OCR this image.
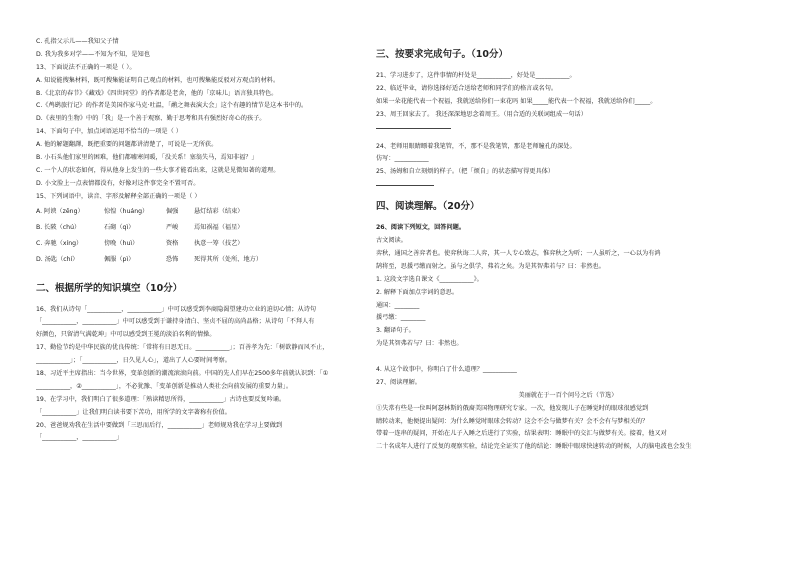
C. 孔指父示儿——我知父子情
D. 我为我多对学——不知为不知，是知也
13、下面说法不正确的一项是（ ）。
A. 知说能搜集材料，既可搜集能证明自己观点的材料，也可搜集能反驳对方观点的材料。
B.《北京的春节》《藏戏》《四世同堂》的作者都是老舍，他的「京味儿」语言独具特色。
C.《鸬鹚旅行记》的作者是美国作家马克·吐温，「鹬之舞表演大会」这个有趣的情节是这本书中的。
D.《表里的生物》中的「我」是一个善于观察、勤于思考和具有强烈好奇心的孩子。
14、下面句子中，加点词语运用不恰当的一项是（ ）
A. 他的解题翻譯，既把重要的问题都讲清楚了，可说是一无所获。
B. 小石头他们家里的困难，他们都嘘寒问暖，「没关系！塞翁失马，焉知非福？」
C. 一个人的状态如何，得从他身上发生的一些大事才能看出来，这就是见微知著的道理。
D. 小文脸上一点表情都没有，好像对这件事完全不置可否。
15、下列词语中，读音、字形及解释全部正确的一项是（ ）
A. 阿谀（zēng）	惊惶（huáng）	倔强	悬灯结彩（结束）
B. 长陂（chú）	石砌（qì）	严峻	焉知祸福（福星）
C. 奔驰（xíng）	傍晚（huì）	资格	执意一筹（技艺）
D. 汤匙（chí）	佩服（pì）	恐怖	死得其所（处所、地方）
二、根据所学的知识填空（10分）
16、我们从诗句「___________，___________」中可以感受到李商隐渴望建功立业的迫切心情；从诗句
「___________，___________」中可以感受到于谦持身清白、坚贞不屈的高尚品格；从诗句「不拜人有
好颜色，只留清气满乾坤」中可以感受到王冕的淡泊名利的情操。
17、勤俭节约是中华民族的优良传统：「常将有日思无日。___________」；百善孝为先：「树欲静而风不止，
___________」；「___________，日久见人心」，道出了人心要时间考察。
18、习近平主席指出：当今世界，变革创新的潮流滚滚向前。中国的先人们早在2500多年前就认识到：「①
___________，②___________」，不必犹豫、「变革创新是推动人类社会向前发展的重要力量」。
19、在学习中，我们明白了很多道理：「熟读精思所得，___________」古诗也要反复吟诵。
「___________」让我们明白读书要下苦功，用所学的文字著称有价值。
20、爸爸规劝我在生活中要做到「三思而后行，___________」老师规劝我在学习上要做到
「___________，___________」
三、按要求完成句子。（10分）
21、学习进步了，这件事情的杆处是___________，好处是___________。
22、临近毕业，请你选择好适合送给老师和同学们的格言或名句。
如果一朵花能代表一个祝福，我就送给你们一束花吗 如果_____能代表一个祝福，我就送给你们_____。
23、周王回家去了。 我还深深地思念着周王。（用合适的关联词组成一句话）
24、老师用眼睛瞟着我笔管，不，那不是我笔管，那是老师瞳孔的深处。
仿写：___________
25、汤姆和自立刻烦的样子。（把「烦自」的状态描写得更具体）
四、阅读理解。（20分）
26、阅读下列短文，回答问题。
古文阅读。
弈秋，通国之善弈者也。使弈秋诲二人弈，其一人专心致志，惟弈秋之为听；一人虽听之，一心以为有鸿
鹄将至，思援弓缴而射之。虽与之俱学，弗若之矣。为是其智弗若与？曰：非然也。
1. 这段文字选自课文《___________》。
2. 解释下面加点字词的意思。
通国：________
援弓缴：________
3. 翻译句子。
为是其智弗若与？曰：非然也。
4. 从这个故事中，你明白了什么道理？___________
27、阅读理解。
美丽就在于一百个问号之后（节选）
①失常有些是一位叫阿瑟林斯的俄裔美国物理研究专家。一次，他发现儿子在睡觉时的眼球很感觉到
睛转动来，他便提出疑问：为什么睡觉时眼球会转动？这会不会与做梦有关？会不会有与梦相关的？
带着一连串的疑问，开始在儿子入睡之后进行了实验，结果表明：睡眠中的交汇与做梦有关。接着，他又对
二十名成年人进行了反复的观察实验，结论完全证实了他的结论：睡眠中眼球快速转动的时候，人的脑电波也会发生
